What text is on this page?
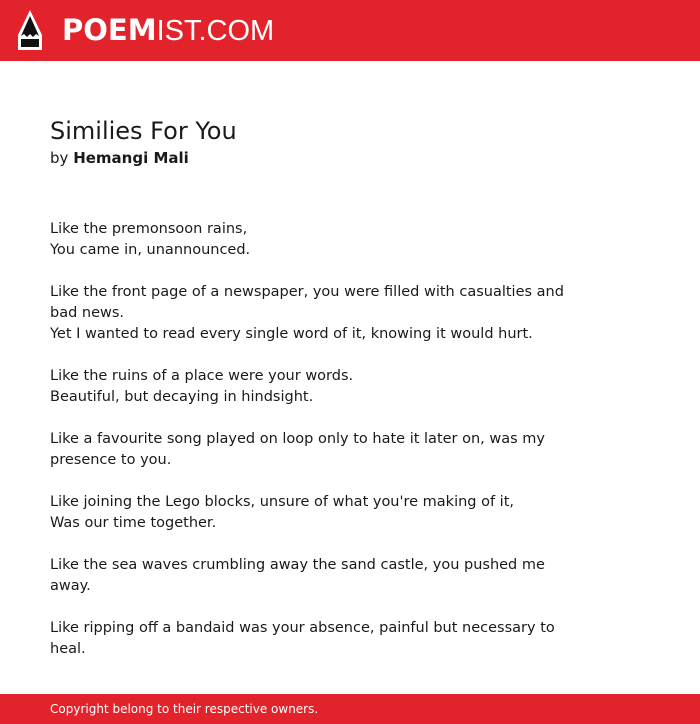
POEMIST.COM
Similies For You
by Hemangi Mali

Like the premonsoon rains,
You came in, unannounced.

Like the front page of a newspaper, you were filled with casualties and bad news.
Yet I wanted to read every single word of it, knowing it would hurt.

Like the ruins of a place were your words.
Beautiful, but decaying in hindsight.

Like a favourite song played on loop only to hate it later on, was my presence to you.

Like joining the Lego blocks, unsure of what you're making of it,
Was our time together.

Like the sea waves crumbling away the sand castle, you pushed me away.

Like ripping off a bandaid was your absence, painful but necessary to heal.

Copyright belong to their respective owners.
